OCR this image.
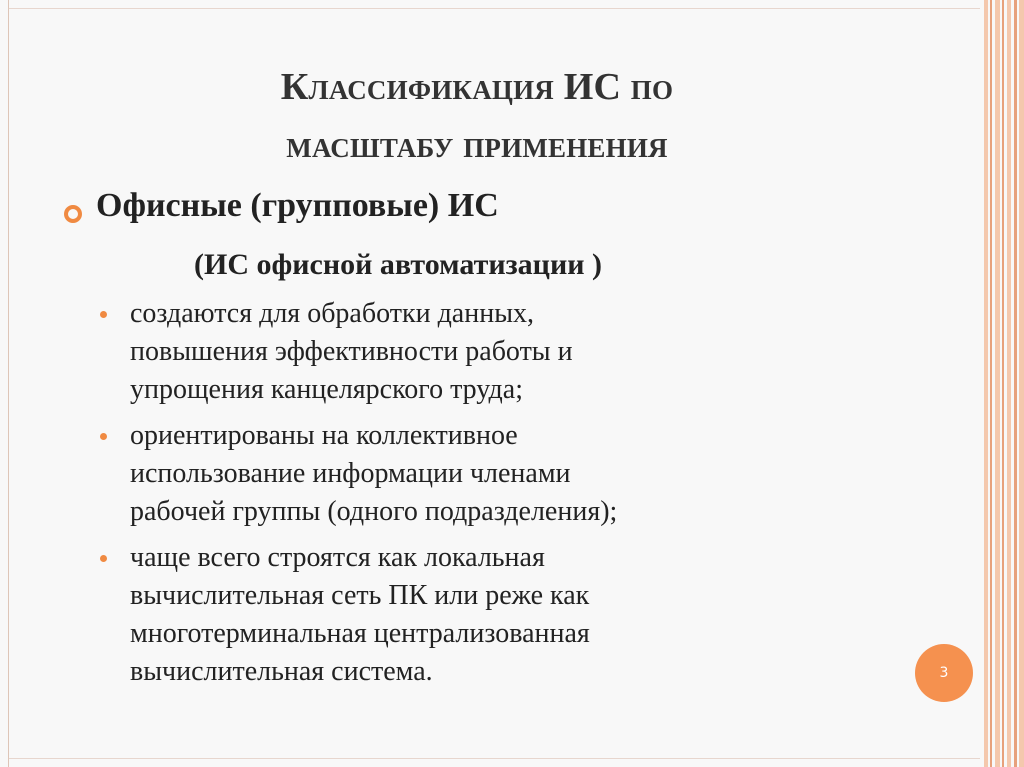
Классификация ИС по
масштабу применения
Офисные (групповые) ИС
(ИС офисной автоматизации )
создаются для обработки данных,
повышения эффективности работы и
упрощения канцелярского труда;
ориентированы на коллективное
использование информации членами
рабочей группы (одного подразделения);
чаще всего строятся как локальная
вычислительная сеть ПК или реже как
многотерминальная централизованная
вычислительная система.	3
